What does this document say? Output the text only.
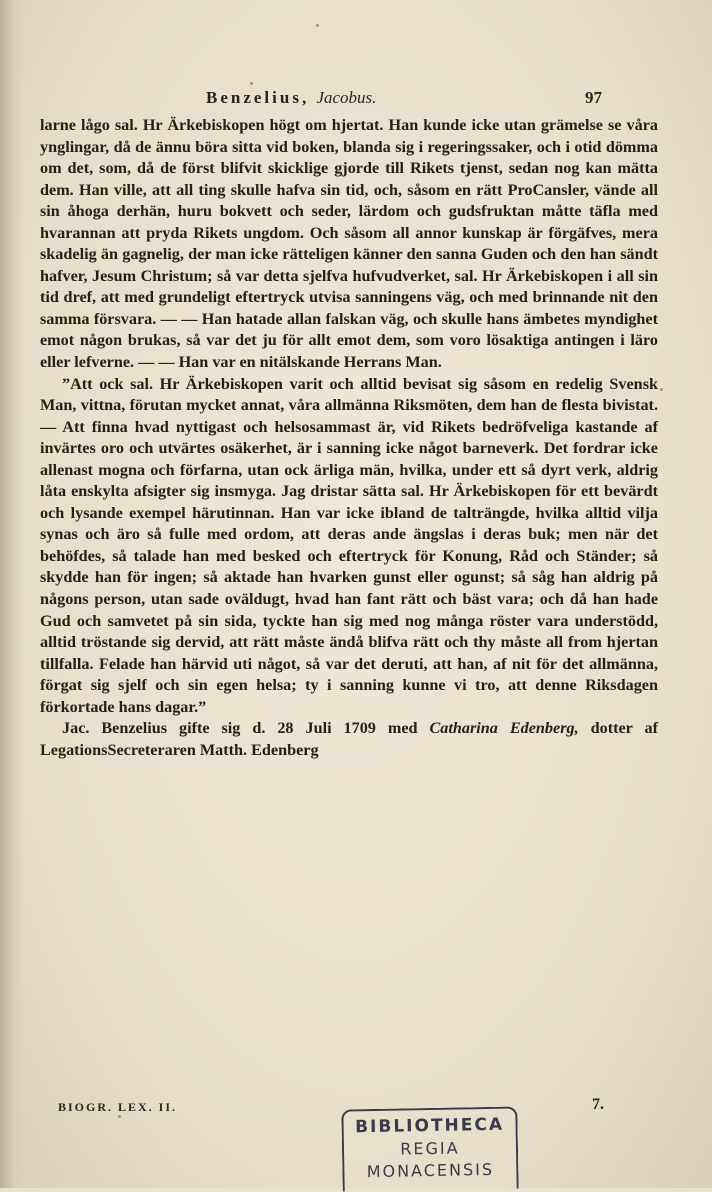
Benzelius, Jacobus.	97

larne lågo sal. Hr Ärkebiskopen högt om hjertat. Han kunde icke utan grämelse se våra ynglingar, då de ännu böra sitta vid boken, blanda sig i regeringssaker, och i otid dömma om det, som, då de först blifvit skicklige gjorde till Rikets tjenst, sedan nog kan mätta dem. Han ville, att all ting skulle hafva sin tid, och, såsom en rätt ProCansler, vände all sin åhoga derhän, huru bokvett och seder, lärdom och gudsfruktan måtte täfla med hvarannan att pryda Rikets ungdom. Och såsom all annor kunskap är förgäfves, mera skadelig än gagnelig, der man icke rätteligen känner den sanna Guden och den han sändt hafver, Jesum Christum; så var detta sjelfva hufvudverket, sal. Hr Ärkebiskopen i all sin tid dref, att med grundeligt eftertryck utvisa sanningens väg, och med brinnande nit den samma försvara. — — Han hatade allan falskan väg, och skulle hans ämbetes myndighet emot någon brukas, så var det ju för allt emot dem, som voro lösaktiga antingen i läro eller lefverne. — — Han var en nitälskande Herrans Man.

”Att ock sal. Hr Ärkebiskopen varit och alltid bevisat sig såsom en redelig Svensk Man, vittna, förutan mycket annat, våra allmänna Riksmöten, dem han de flesta bivistat. — Att finna hvad nyttigast och helsosammast är, vid Rikets bedröfveliga kastande af invärtes oro och utvärtes osäkerhet, är i sanning icke något barneverk. Det fordrar icke allenast mogna och förfarna, utan ock ärliga män, hvilka, under ett så dyrt verk, aldrig låta enskylta afsigter sig insmyga. Jag dristar sätta sal. Hr Ärkebiskopen för ett bevärdt och lysande exempel härutinnan. Han var icke ibland de talträngde, hvilka alltid vilja synas och äro så fulle med ordom, att deras ande ängslas i deras buk; men när det behöfdes, så talade han med besked och eftertryck för Konung, Råd och Ständer; så skydde han för ingen; så aktade han hvarken gunst eller ogunst; så såg han aldrig på någons person, utan sade oväldugt, hvad han fant rätt och bäst vara; och då han hade Gud och samvetet på sin sida, tyckte han sig med nog många röster vara understödd, alltid tröstande sig dervid, att rätt måste ändå blifva rätt och thy måste all from hjertan tillfalla. Felade han härvid uti något, så var det deruti, att han, af nit för det allmänna, förgat sig sjelf och sin egen helsa; ty i sanning kunne vi tro, att denne Riksdagen förkortade hans dagar.”

Jac. Benzelius gifte sig d. 28 Juli 1709 med Catharina Edenberg, dotter af LegationsSecreteraren Matth. Edenberg

BIOGR. LEX. II.	7.
BIBLIOTHECA
REGIA
MONACENSIS
